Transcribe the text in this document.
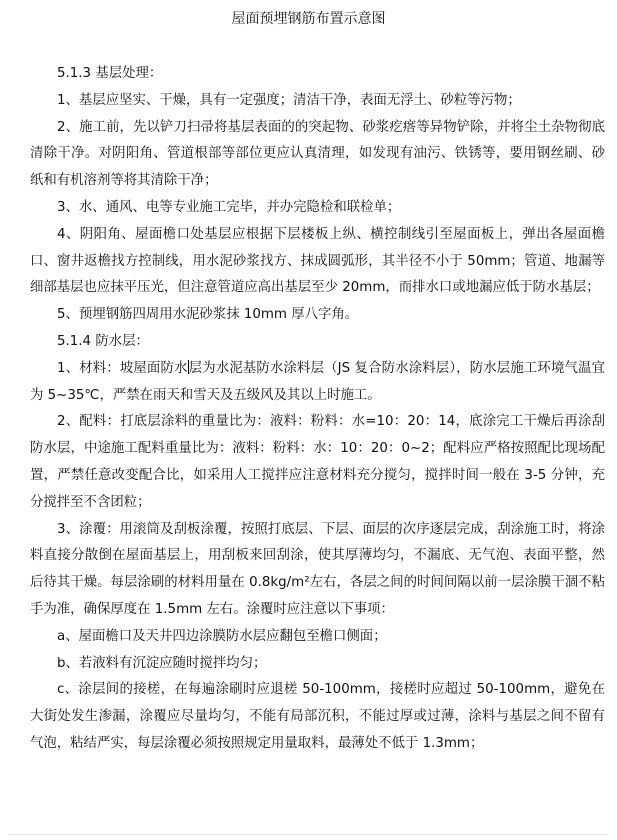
屋面预埋钢筋布置示意图

5.1.3 基层处理：

1、基层应坚实、干燥，具有一定强度；清洁干净，表面无浮土、砂粒等污物；

2、施工前，先以铲刀扫帚将基层表面的的突起物、砂浆疙瘩等异物铲除，并将尘土杂物彻底清除干净。对阴阳角、管道根部等部位更应认真清理，如发现有油污、铁锈等，要用钢丝刷、砂纸和有机溶剂等将其清除干净；

3、水、通风、电等专业施工完毕，并办完隐检和联检单；

4、阴阳角、屋面檐口处基层应根据下层楼板上纵、横控制线引至屋面板上，弹出各屋面檐口、窗井返檐找方控制线，用水泥砂浆找方、抹成圆弧形，其半径不小于 50mm；管道、地漏等细部基层也应抹平压光，但注意管道应高出基层至少 20mm，而排水口或地漏应低于防水基层；

5、预埋钢筋四周用水泥砂浆抹 10mm 厚八字角。

5.1.4 防水层：

1、材料：坡屋面防水层为水泥基防水涂料层（JS 复合防水涂料层），防水层施工环境气温宜为 5~35℃，严禁在雨天和雪天及五级风及其以上时施工。

2、配料：打底层涂料的重量比为：液料：粉料：水=10：20：14，底涂完工干燥后再涂刮防水层，中途施工配料重量比为：液料：粉料：水：10：20：0~2；配料应严格按照配比现场配置，严禁任意改变配合比，如采用人工搅拌应注意材料充分搅匀，搅拌时间一般在 3-5 分钟，充分搅拌至不含团粒；

3、涂覆：用滚筒及刮板涂覆，按照打底层、下层、面层的次序逐层完成，刮涂施工时，将涂料直接分散倒在屋面基层上，用刮板来回刮涂，使其厚薄均匀，不漏底、无气泡、表面平整，然后待其干燥。每层涂刷的材料用量在 0.8kg/m²左右，各层之间的时间间隔以前一层涂膜干涸不粘手为准，确保厚度在 1.5mm 左右。涂覆时应注意以下事项：

a、屋面檐口及天井四边涂膜防水层应翻包至檐口侧面；

b、若液料有沉淀应随时搅拌均匀；

c、涂层间的接槎，在每遍涂刷时应退槎 50-100mm，接槎时应超过 50-100mm，避免在大街处发生渗漏，涂覆应尽量均匀，不能有局部沉积，不能过厚或过薄，涂料与基层之间不留有气泡，粘结严实，每层涂覆必须按照规定用量取料，最薄处不低于 1.3mm；
